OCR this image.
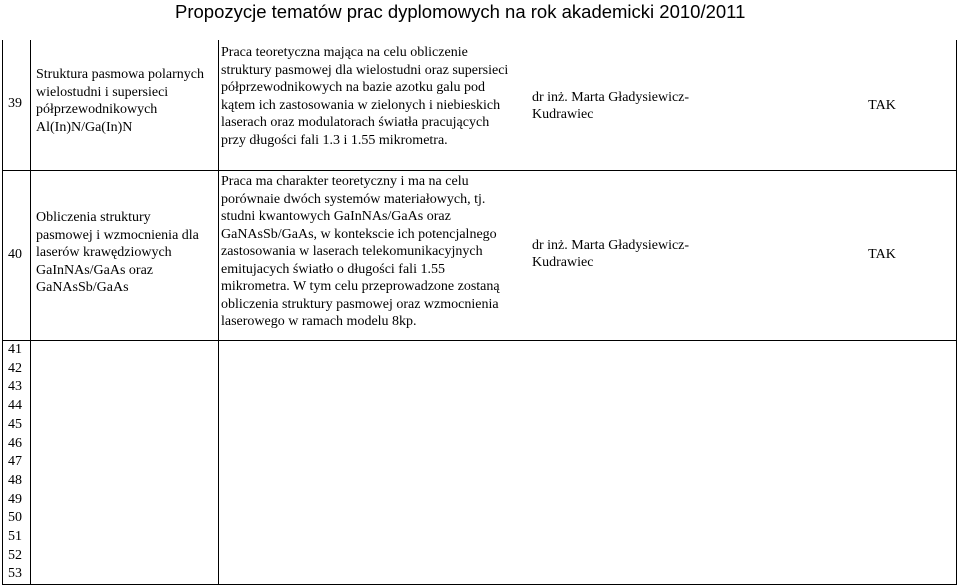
Propozycje tematów prac dyplomowych na rok akademicki 2010/2011
39
Struktura pasmowa polarnych
wielostudni i supersieci
półprzewodnikowych
Al(In)N/Ga(In)N
Praca teoretyczna mająca na celu obliczenie
struktury pasmowej dla wielostudni oraz supersieci
półprzewodnikowych na bazie azotku galu pod
kątem ich zastosowania w zielonych i niebieskich
laserach oraz modulatorach światła pracujących
przy długości fali 1.3 i 1.55 mikrometra.
dr inż. Marta Gładysiewicz-
Kudrawiec
TAK
40
Obliczenia struktury
pasmowej i wzmocnienia dla
laserów krawędziowych
GaInNAs/GaAs oraz
GaNAsSb/GaAs
Praca ma charakter teoretyczny i ma na celu
porównaie dwóch systemów materiałowych, tj.
studni kwantowych GaInNAs/GaAs oraz
GaNAsSb/GaAs, w kontekscie ich potencjalnego
zastosowania w laserach telekomunikacyjnych
emitujacych światło o długości fali 1.55
mikrometra. W tym celu przeprowadzone zostaną
obliczenia struktury pasmowej oraz wzmocnienia
laserowego w ramach modelu 8kp.
dr inż. Marta Gładysiewicz-
Kudrawiec
TAK
41
42
43
44
45
46
47
48
49
50
51
52
53
